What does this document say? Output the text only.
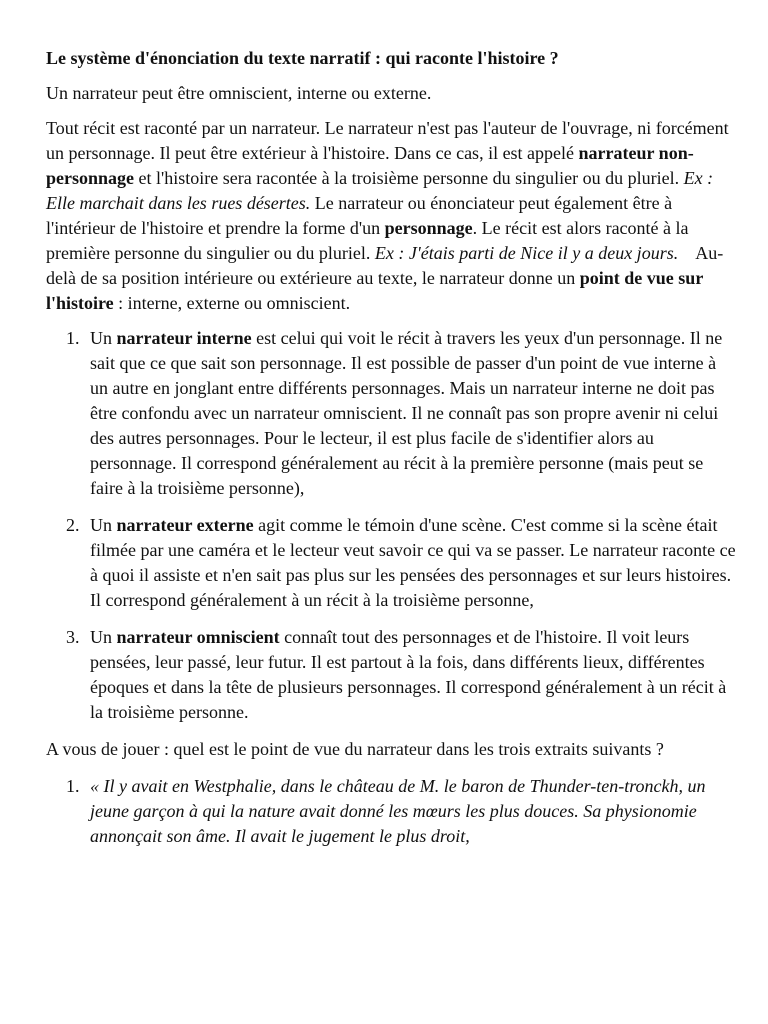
Le système d'énonciation du texte narratif : qui raconte l'histoire ?

Un narrateur peut être omniscient, interne ou externe.

Tout récit est raconté par un narrateur. Le narrateur n'est pas l'auteur de l'ouvrage, ni forcément un personnage. Il peut être extérieur à l'histoire. Dans ce cas, il est appelé narrateur non-personnage et l'histoire sera racontée à la troisième personne du singulier ou du pluriel. Ex : Elle marchait dans les rues désertes. Le narrateur ou énonciateur peut également être à l'intérieur de l'histoire et prendre la forme d'un personnage. Le récit est alors raconté à la première personne du singulier ou du pluriel. Ex : J'étais parti de Nice il y a deux jours.    Au-delà de sa position intérieure ou extérieure au texte, le narrateur donne un point de vue sur l'histoire : interne, externe ou omniscient.

1. Un narrateur interne est celui qui voit le récit à travers les yeux d'un personnage. Il ne sait que ce que sait son personnage. Il est possible de passer d'un point de vue interne à un autre en jonglant entre différents personnages. Mais un narrateur interne ne doit pas être confondu avec un narrateur omniscient. Il ne connaît pas son propre avenir ni celui des autres personnages. Pour le lecteur, il est plus facile de s'identifier alors au personnage. Il correspond généralement au récit à la première personne (mais peut se faire à la troisième personne),
2. Un narrateur externe agit comme le témoin d'une scène. C'est comme si la scène était filmée par une caméra et le lecteur veut savoir ce qui va se passer. Le narrateur raconte ce à quoi il assiste et n'en sait pas plus sur les pensées des personnages et sur leurs histoires. Il correspond généralement à un récit à la troisième personne,
3. Un narrateur omniscient connaît tout des personnages et de l'histoire. Il voit leurs pensées, leur passé, leur futur. Il est partout à la fois, dans différents lieux, différentes époques et dans la tête de plusieurs personnages. Il correspond généralement à un récit à la troisième personne.

A vous de jouer : quel est le point de vue du narrateur dans les trois extraits suivants ?

1. « Il y avait en Westphalie, dans le château de M. le baron de Thunder-ten-tronckh, un jeune garçon à qui la nature avait donné les mœurs les plus douces. Sa physionomie annonçait son âme. Il avait le jugement le plus droit,
